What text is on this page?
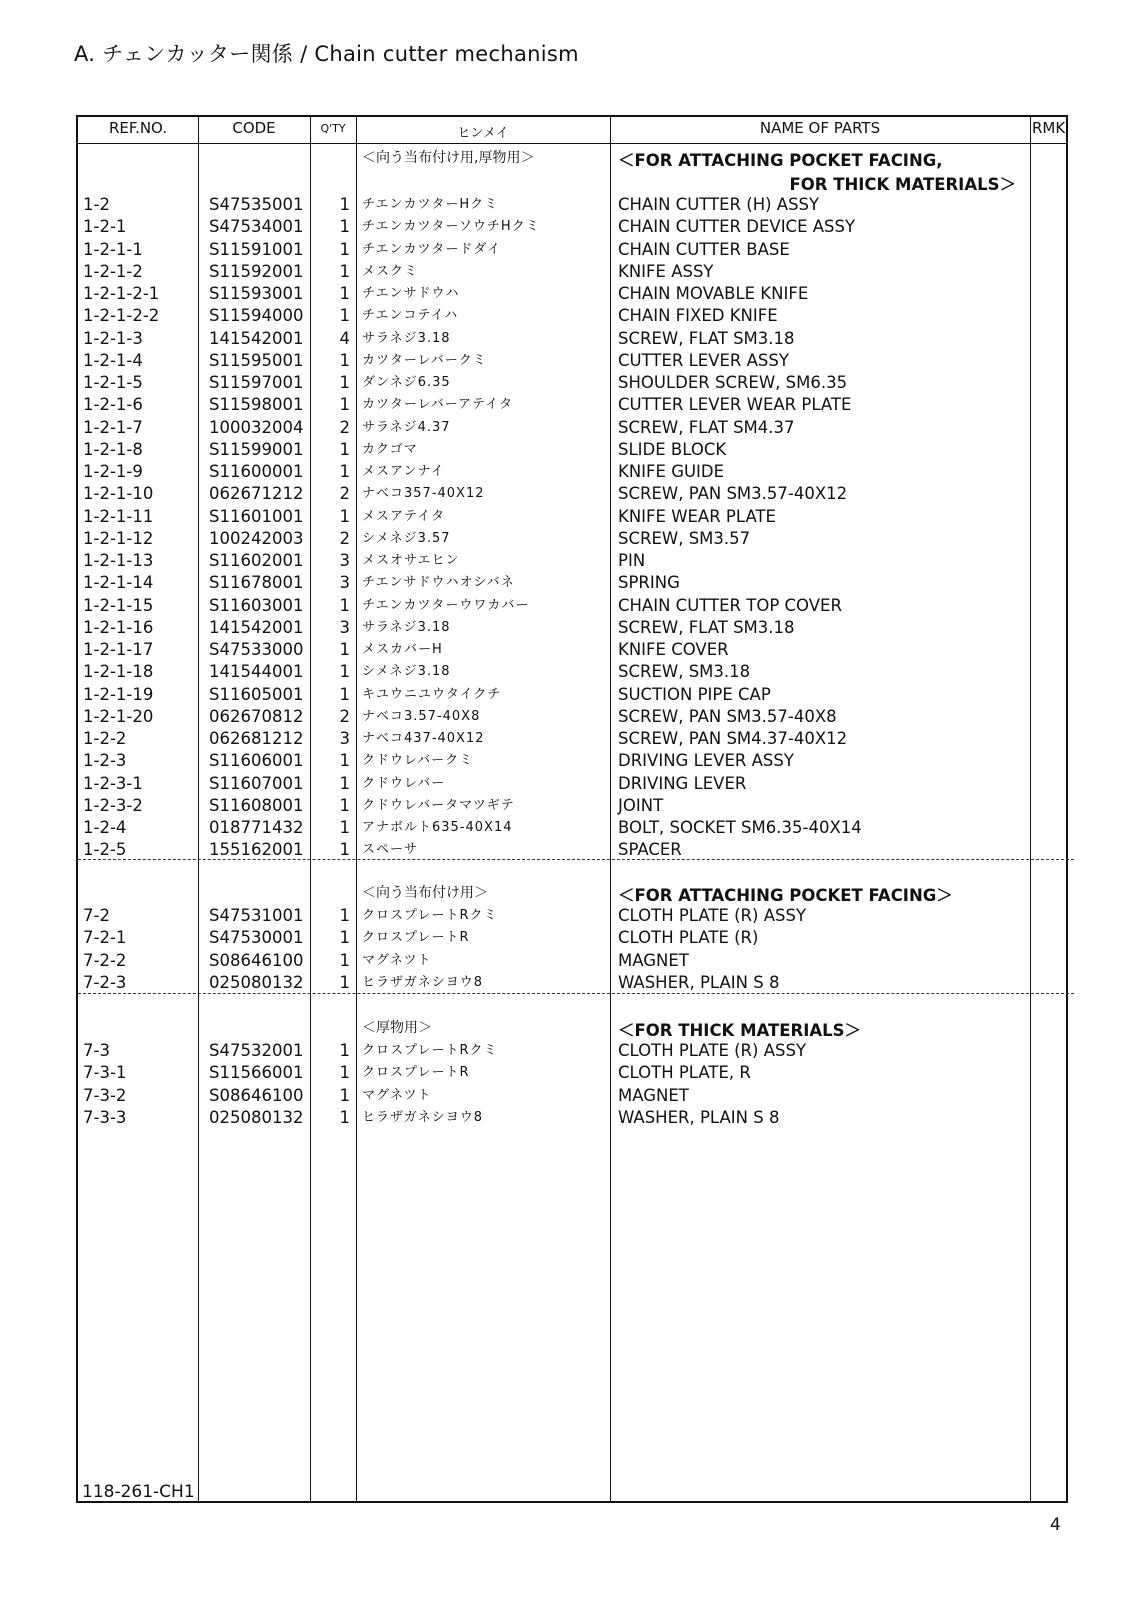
A. チェンカッター関係 / Chain cutter mechanism
REF.NO.	CODE	Q'TY	ヒンメイ	NAME OF PARTS	RMK
＜向う当布付け用,厚物用＞	＜FOR ATTACHING POCKET FACING,
FOR THICK MATERIALS＞
1-2	S47535001	1 チエンカツターHクミ	CHAIN CUTTER (H) ASSY
1-2-1	S47534001	1 チエンカツターソウチHクミ	CHAIN CUTTER DEVICE ASSY
1-2-1-1	S11591001	1 チエンカツタードダイ	CHAIN CUTTER BASE
1-2-1-2	S11592001	1 メスクミ	KNIFE ASSY
1-2-1-2-1	S11593001	1 チエンサドウハ	CHAIN MOVABLE KNIFE
1-2-1-2-2	S11594000	1 チエンコテイハ	CHAIN FIXED KNIFE
1-2-1-3	141542001	4 サラネジ3.18	SCREW, FLAT SM3.18
1-2-1-4	S11595001	1 カツターレバークミ	CUTTER LEVER ASSY
1-2-1-5	S11597001	1 ダンネジ6.35	SHOULDER SCREW, SM6.35
1-2-1-6	S11598001	1 カツターレバーアテイタ	CUTTER LEVER WEAR PLATE
1-2-1-7	100032004	2 サラネジ4.37	SCREW, FLAT SM4.37
1-2-1-8	S11599001	1 カクゴマ	SLIDE BLOCK
1-2-1-9	S11600001	1 メスアンナイ	KNIFE GUIDE
1-2-1-10	062671212	2 ナベコ357-40X12	SCREW, PAN SM3.57-40X12
1-2-1-11	S11601001	1 メスアテイタ	KNIFE WEAR PLATE
1-2-1-12	100242003	2 シメネジ3.57	SCREW, SM3.57
1-2-1-13	S11602001	3 メスオサエヒン	PIN
1-2-1-14	S11678001	3 チエンサドウハオシバネ	SPRING
1-2-1-15	S11603001	1 チエンカツターウワカバー	CHAIN CUTTER TOP COVER
1-2-1-16	141542001	3 サラネジ3.18	SCREW, FLAT SM3.18
1-2-1-17	S47533000	1 メスカバーH	KNIFE COVER
1-2-1-18	141544001	1 シメネジ3.18	SCREW, SM3.18
1-2-1-19	S11605001	1 キユウニユウタイクチ	SUCTION PIPE CAP
1-2-1-20	062670812	2 ナベコ3.57-40X8	SCREW, PAN SM3.57-40X8
1-2-2	062681212	3 ナベコ437-40X12	SCREW, PAN SM4.37-40X12
1-2-3	S11606001	1 クドウレバークミ	DRIVING LEVER ASSY
1-2-3-1	S11607001	1 クドウレバー	DRIVING LEVER
1-2-3-2	S11608001	1 クドウレバータマツギテ	JOINT
1-2-4	018771432	1 アナボルト635-40X14	BOLT, SOCKET SM6.35-40X14
1-2-5	155162001	1 スペーサ	SPACER
＜向う当布付け用＞	＜FOR ATTACHING POCKET FACING＞
7-2	S47531001	1 クロスプレートRクミ	CLOTH PLATE (R) ASSY
7-2-1	S47530001	1 クロスプレートR	CLOTH PLATE (R)
7-2-2	S08646100	1 マグネツト	MAGNET
7-2-3	025080132	1 ヒラザガネシヨウ8	WASHER, PLAIN S 8
＜厚物用＞	＜FOR THICK MATERIALS＞
7-3	S47532001	1 クロスプレートRクミ	CLOTH PLATE (R) ASSY
7-3-1	S11566001	1 クロスプレートR	CLOTH PLATE, R
7-3-2	S08646100	1 マグネツト	MAGNET
7-3-3	025080132	1 ヒラザガネシヨウ8	WASHER, PLAIN S 8
118-261-CH1
4
